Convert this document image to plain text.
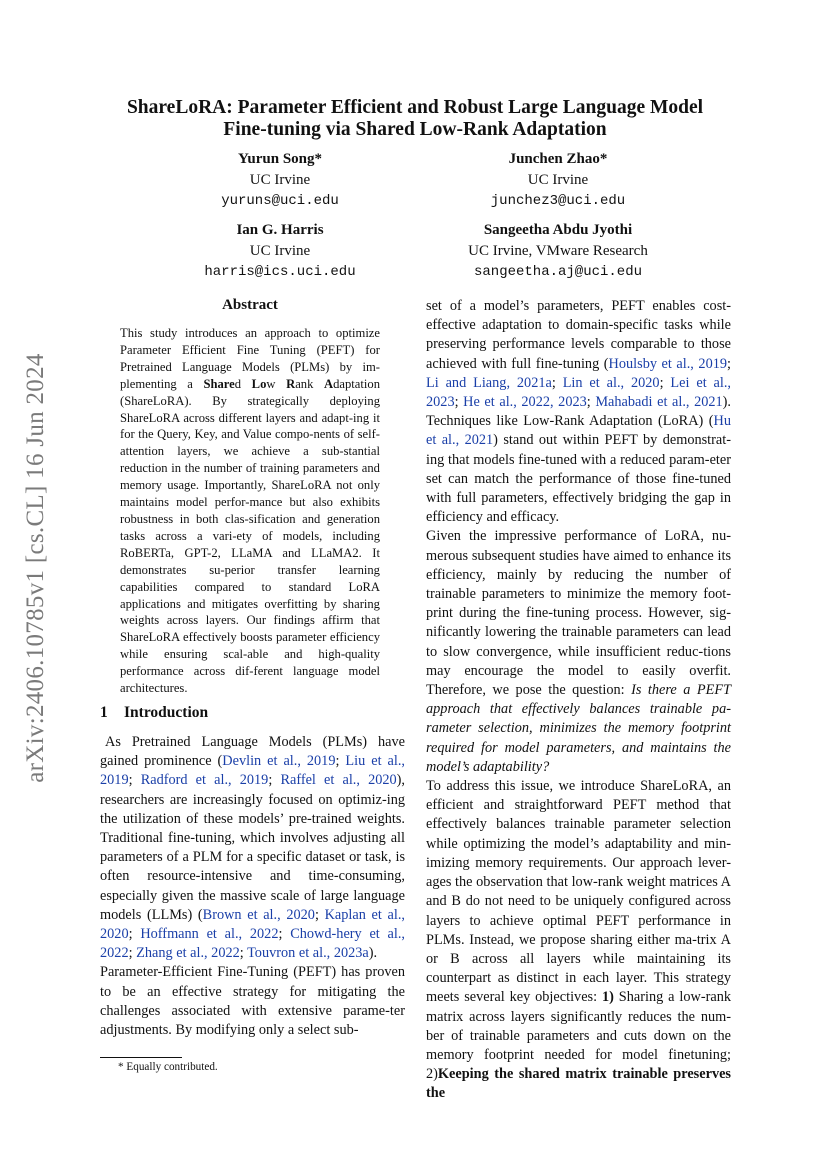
arXiv:2406.10785v1 [cs.CL] 16 Jun 2024
ShareLoRA: Parameter Efficient and Robust Large Language Model
Fine-tuning via Shared Low-Rank Adaptation
Yurun Song*
UC Irvine
yuruns@uci.edu
Junchen Zhao*
UC Irvine
junchez3@uci.edu
Ian G. Harris
UC Irvine
harris@ics.uci.edu
Sangeetha Abdu Jyothi
UC Irvine, VMware Research
sangeetha.aj@uci.edu
Abstract

This study introduces an approach to optimize Parameter Efficient Fine Tuning (PEFT) for Pretrained Language Models (PLMs) by im- plementing a Shared Low Rank Adaptation (ShareLoRA). By strategically deploying ShareLoRA across different layers and adapt-ing it for the Query, Key, and Value compo-nents of self-attention layers, we achieve a sub-stantial reduction in the number of training parameters and memory usage. Importantly, ShareLoRA not only maintains model perfor-mance but also exhibits robustness in both clas-sification and generation tasks across a vari-ety of models, including RoBERTa, GPT-2, LLaMA and LLaMA2. It demonstrates su-perior transfer learning capabilities compared to standard LoRA applications and mitigates overfitting by sharing weights across layers. Our findings affirm that ShareLoRA effectively boosts parameter efficiency while ensuring scal-able and high-quality performance across dif-ferent language model architectures.

1 Introduction

As Pretrained Language Models (PLMs) have gained prominence (Devlin et al., 2019; Liu et al., 2019; Radford et al., 2019; Raffel et al., 2020), researchers are increasingly focused on optimiz-ing the utilization of these models’ pre-trained weights. Traditional fine-tuning, which involves adjusting all parameters of a PLM for a specific dataset or task, is often resource-intensive and time-consuming, especially given the massive scale of large language models (LLMs) (Brown et al., 2020; Kaplan et al., 2020; Hoffmann et al., 2022; Chowd-hery et al., 2022; Zhang et al., 2022; Touvron et al., 2023a).

Parameter-Efficient Fine-Tuning (PEFT) has proven to be an effective strategy for mitigating the challenges associated with extensive parame-ter adjustments. By modifying only a select sub-

* Equally contributed.

set of a model’s parameters, PEFT enables cost- effective adaptation to domain-specific tasks while preserving performance levels comparable to those achieved with full fine-tuning (Houlsby et al., 2019; Li and Liang, 2021a; Lin et al., 2020; Lei et al., 2023; He et al., 2022, 2023; Mahabadi et al., 2021). Techniques like Low-Rank Adaptation (LoRA) (Hu et al., 2021) stand out within PEFT by demonstrat- ing that models fine-tuned with a reduced param-eter set can match the performance of those fine-tuned with full parameters, effectively bridging the gap in efficiency and efficacy.

Given the impressive performance of LoRA, nu- merous subsequent studies have aimed to enhance its efficiency, mainly by reducing the number of trainable parameters to minimize the memory foot-print during the fine-tuning process. However, sig-nificantly lowering the trainable parameters can lead to slow convergence, while insufficient reduc-tions may encourage the model to easily overfit. Therefore, we pose the question: Is there a PEFT approach that effectively balances trainable pa-rameter selection, minimizes the memory footprint required for model parameters, and maintains the model’s adaptability?

To address this issue, we introduce ShareLoRA, an efficient and straightforward PEFT method that effectively balances trainable parameter selection while optimizing the model’s adaptability and min-imizing memory requirements. Our approach lever-ages the observation that low-rank weight matrices A and B do not need to be uniquely configured across layers to achieve optimal PEFT performance in PLMs. Instead, we propose sharing either ma-trix A or B across all layers while maintaining its counterpart as distinct in each layer. This strategy meets several key objectives: 1) Sharing a low-rank matrix across layers significantly reduces the num-ber of trainable parameters and cuts down on the memory footprint needed for model finetuning; 2)Keeping the shared matrix trainable preserves the
